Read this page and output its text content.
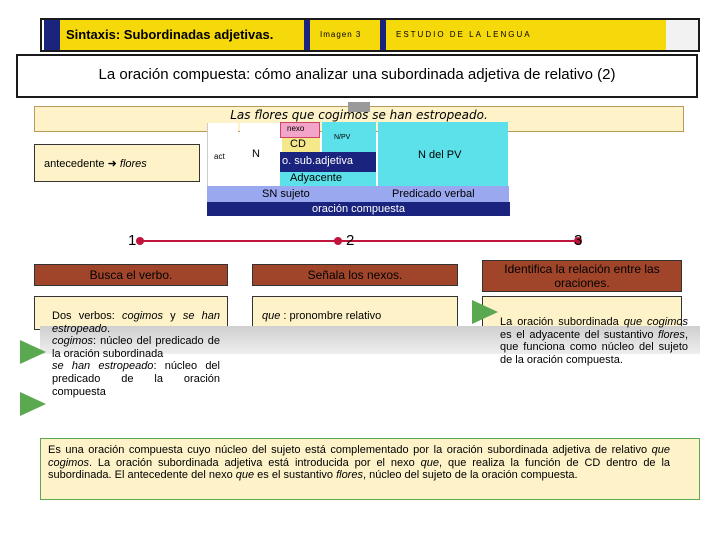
Sintaxis: Subordinadas adjetivas.	Imagen 3	ESTUDIO DE LA LENGUA
La oración compuesta: cómo analizar una subordinada adjetiva de relativo (2)
Las flores que cogimos se han estropeado.
antecedente ➜ flores
act N
nexo
N/PV
CD
o. sub.adjetiva	N del PV
Adyacente
SN sujeto	Predicado verbal
oración compuesta
1	2	3
Busca el verbo.	Señala los nexos.	Identifica la relación entre las oraciones.
Dos verbos: cogimos y se han estropeado.
cogimos: núcleo del predicado de la oración subordinada
se han estropeado: núcleo del predicado de la oración compuesta
que : pronombre relativo	La oración subordinada que cogimos es el adyacente del sustantivo flores, que funciona como núcleo del sujeto de la oración compuesta.
Es una oración compuesta cuyo núcleo del sujeto está complementado por la oración subordinada adjetiva de relativo que cogimos. La oración subordinada adjetiva está introducida por el nexo que, que realiza la función de CD dentro de la subordinada. El antecedente del nexo que es el sustantivo flores, núcleo del sujeto de la oración compuesta.
